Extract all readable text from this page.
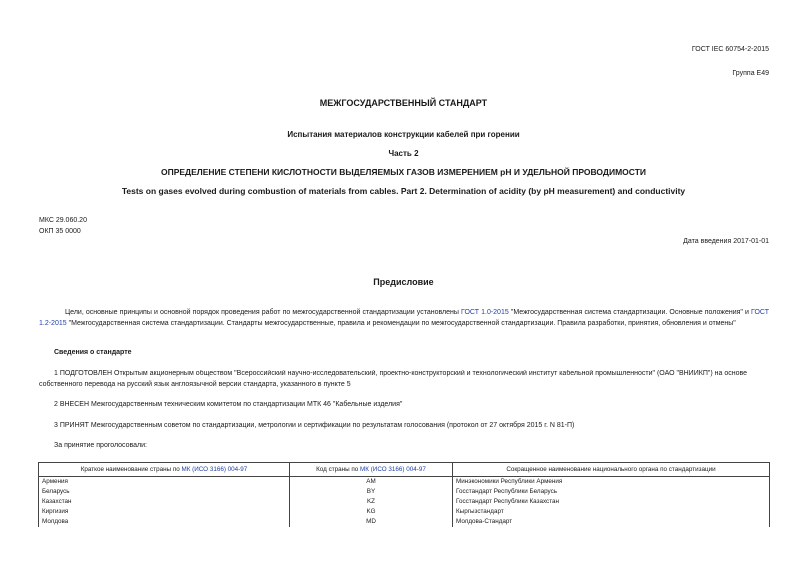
ГОСТ IEC 60754-2-2015
Группа E49
МЕЖГОСУДАРСТВЕННЫЙ СТАНДАРТ
Испытания материалов конструкции кабелей при горении
Часть 2
ОПРЕДЕЛЕНИЕ СТЕПЕНИ КИСЛОТНОСТИ ВЫДЕЛЯЕМЫХ ГАЗОВ ИЗМЕРЕНИЕМ pH И УДЕЛЬНОЙ ПРОВОДИМОСТИ
Tests on gases evolved during combustion of materials from cables. Part 2. Determination of acidity (by pH measurement) and conductivity
МКС 29.060.20
ОКП 35 0000
Дата введения 2017-01-01
Предисловие
Цели, основные принципы и основной порядок проведения работ по межгосударственной стандартизации установлены ГОСТ 1.0-2015 "Межгосударственная система стандартизации. Основные положения" и ГОСТ 1.2-2015 "Межгосударственная система стандартизации. Стандарты межгосударственные, правила и рекомендации по межгосударственной стандартизации. Правила разработки, принятия, обновления и отмены"
Сведения о стандарте
1 ПОДГОТОВЛЕН Открытым акционерным обществом "Всероссийский научно-исследовательский, проектно-конструкторский и технологический институт кабельной промышленности" (ОАО "ВНИИКП") на основе
собственного перевода на русский язык англоязычной версии стандарта, указанного в пункте 5
2 ВНЕСЕН Межгосударственным техническим комитетом по стандартизации МТК 46 "Кабельные изделия"
3 ПРИНЯТ Межгосударственным советом по стандартизации, метрологии и сертификации по результатам голосования (протокол от 27 октября 2015 г. N 81-П)
За принятие проголосовали:
Краткое наименование страны по МК (ИСО 3166) 004-97	Код страны по МК (ИСО 3166) 004-97	Сокращенное наименование национального органа по стандартизации
Армения	AM	Минэкономики Республики Армения
Беларусь	BY	Госстандарт Республики Беларусь
Казахстан	KZ	Госстандарт Республики Казахстан
Киргизия	KG	Кыргызстандарт
Молдова	MD	Молдова-Стандарт
